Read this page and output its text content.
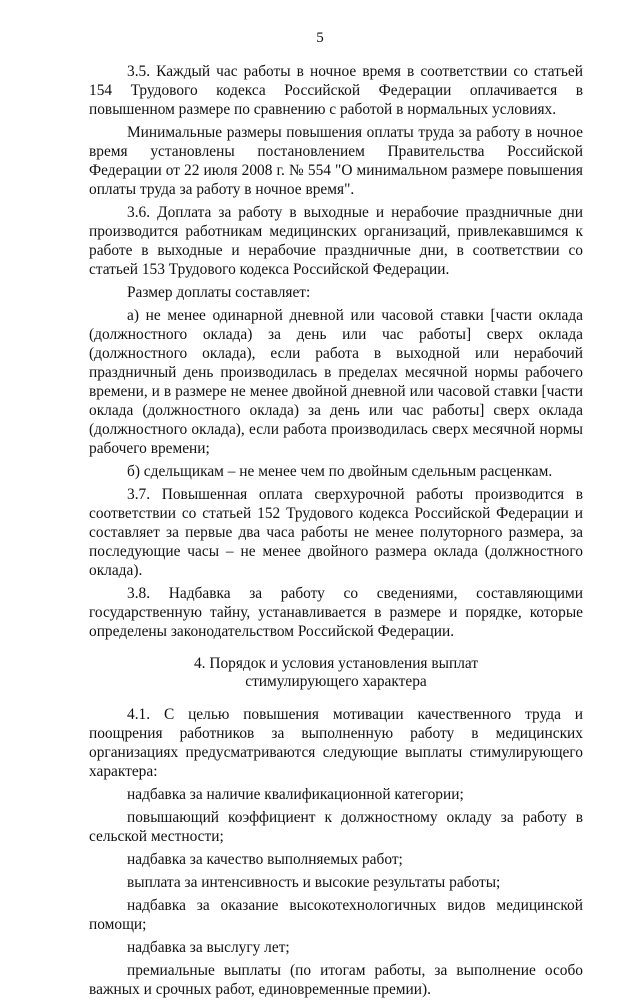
5

3.5. Каждый час работы в ночное время в соответствии со статьей 154 Трудового кодекса Российской Федерации оплачивается в повышенном размере по сравнению с работой в нормальных условиях.

Минимальные размеры повышения оплаты труда за работу в ночное время установлены постановлением Правительства Российской Федерации от 22 июля 2008 г. № 554 "О минимальном размере повышения оплаты труда за работу в ночное время".

3.6. Доплата за работу в выходные и нерабочие праздничные дни производится работникам медицинских организаций, привлекавшимся к работе в выходные и нерабочие праздничные дни, в соответствии со статьей 153 Трудового кодекса Российской Федерации.

Размер доплаты составляет:

а) не менее одинарной дневной или часовой ставки [части оклада (должностного оклада) за день или час работы] сверх оклада (должностного оклада), если работа в выходной или нерабочий праздничный день производилась в пределах месячной нормы рабочего времени, и в размере не менее двойной дневной или часовой ставки [части оклада (должностного оклада) за день или час работы] сверх оклада (должностного оклада), если работа производилась сверх месячной нормы рабочего времени;

б) сдельщикам – не менее чем по двойным сдельным расценкам.

3.7. Повышенная оплата сверхурочной работы производится в соответствии со статьей 152 Трудового кодекса Российской Федерации и составляет за первые два часа работы не менее полуторного размера, за последующие часы – не менее двойного размера оклада (должностного оклада).

3.8. Надбавка за работу со сведениями, составляющими государственную тайну, устанавливается в размере и порядке, которые определены законодательством Российской Федерации.

4. Порядок и условия установления выплат
стимулирующего характера

4.1. С целью повышения мотивации качественного труда и поощрения работников за выполненную работу в медицинских организациях предусматриваются следующие выплаты стимулирующего характера:

надбавка за наличие квалификационной категории;

повышающий коэффициент к должностному окладу за работу в сельской местности;

надбавка за качество выполняемых работ;

выплата за интенсивность и высокие результаты работы;

надбавка за оказание высокотехнологичных видов медицинской помощи;

надбавка за выслугу лет;

премиальные выплаты (по итогам работы, за выполнение особо важных и срочных работ, единовременные премии).
